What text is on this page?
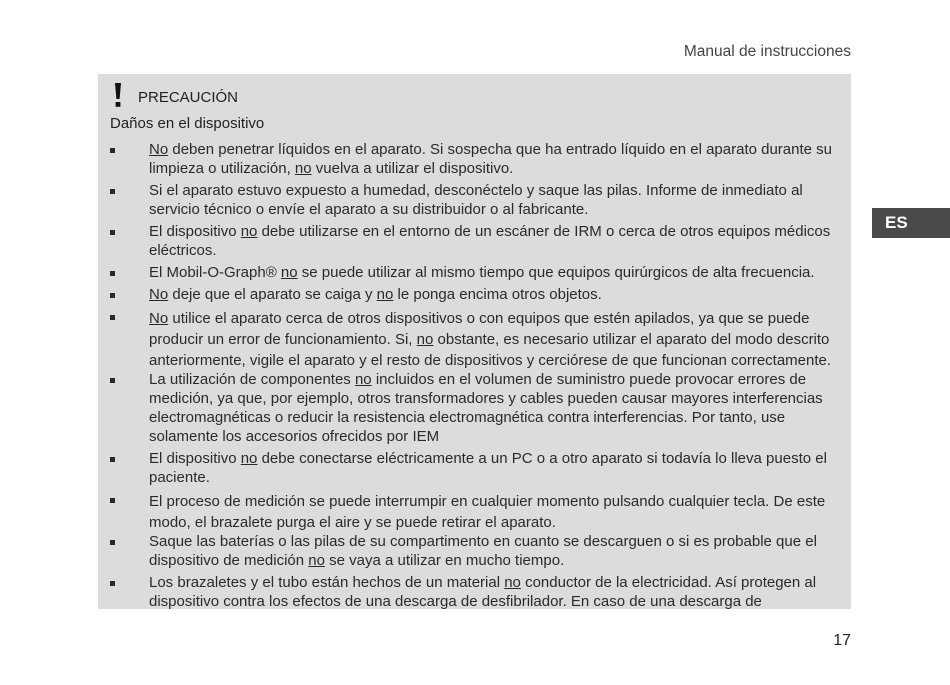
Manual de instrucciones
ES
PRECAUCIÓN
Daños en el dispositivo
No deben penetrar líquidos en el aparato. Si sospecha que ha entrado líquido en el aparato durante su limpieza o utilización, no vuelva a utilizar el dispositivo.
Si el aparato estuvo expuesto a humedad, desconéctelo y saque las pilas. Informe de inmediato al servicio técnico o envíe el aparato a su distribuidor o al fabricante.
El dispositivo no debe utilizarse en el entorno de un escáner de IRM o cerca de otros equipos médicos eléctricos.
El Mobil-O-Graph® no se puede utilizar al mismo tiempo que equipos quirúrgicos de alta frecuencia.
No deje que el aparato se caiga y no le ponga encima otros objetos.
No utilice el aparato cerca de otros dispositivos o con equipos que estén apilados, ya que se puede producir un error de funcionamiento. Si, no obstante, es necesario utilizar el aparato del modo descrito anteriormente, vigile el aparato y el resto de dispositivos y cerciórese de que funcionan correctamente.
La utilización de componentes no incluidos en el volumen de suministro puede provocar errores de medición, ya que, por ejemplo, otros transformadores y cables pueden causar mayores interferencias electromagnéticas o reducir la resistencia electromagnética contra interferencias. Por tanto, use solamente los accesorios ofrecidos por IEM
El dispositivo no debe conectarse eléctricamente a un PC o a otro aparato si todavía lo lleva puesto el paciente.
El proceso de medición se puede interrumpir en cualquier momento pulsando cualquier tecla. De este modo, el brazalete purga el aire y se puede retirar el aparato.
Saque las baterías o las pilas de su compartimento en cuanto se descarguen o si es probable que el dispositivo de medición no se vaya a utilizar en mucho tiempo.
Los brazaletes y el tubo están hechos de un material no conductor de la electricidad. Así protegen al dispositivo contra los efectos de una descarga de desfibrilador. En caso de una descarga de
17
